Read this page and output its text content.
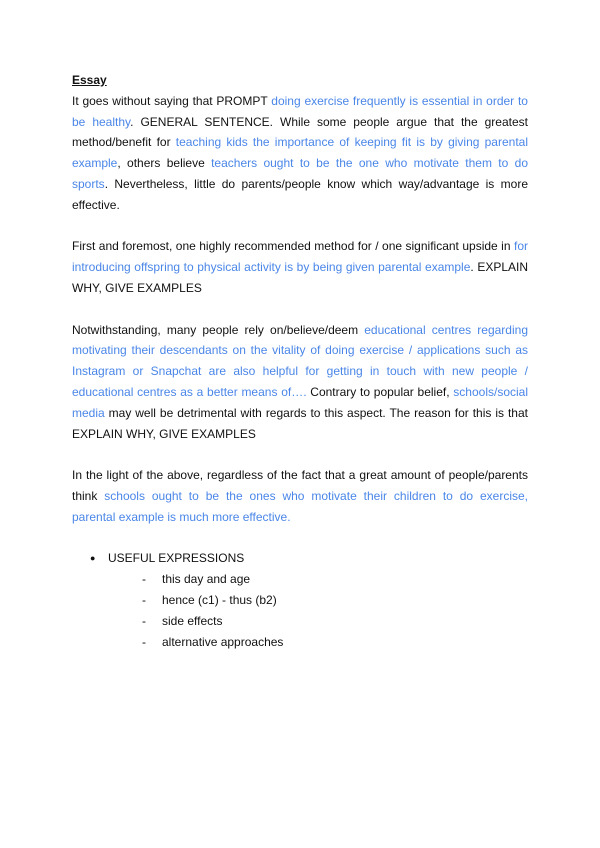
Essay

It goes without saying that PROMPT doing exercise frequently is essential in order to be healthy. GENERAL SENTENCE. While some people argue that the greatest method/benefit for teaching kids the importance of keeping fit is by giving parental example, others believe teachers ought to be the one who motivate them to do sports. Nevertheless, little do parents/people know which way/advantage is more effective.

First and foremost, one highly recommended method for / one significant upside in for introducing offspring to physical activity is by being given parental example. EXPLAIN WHY, GIVE EXAMPLES

Notwithstanding, many people rely on/believe/deem educational centres regarding motivating their descendants on the vitality of doing exercise / applications such as Instagram or Snapchat are also helpful for getting in touch with new people / educational centres as a better means of…. Contrary to popular belief, schools/social media may well be detrimental with regards to this aspect. The reason for this is that EXPLAIN WHY, GIVE EXAMPLES

In the light of the above, regardless of the fact that a great amount of people/parents think schools ought to be the ones who motivate their children to do exercise, parental example is much more effective.

● USEFUL EXPRESSIONS
- this day and age
- hence (c1) - thus (b2)
- side effects
- alternative approaches
